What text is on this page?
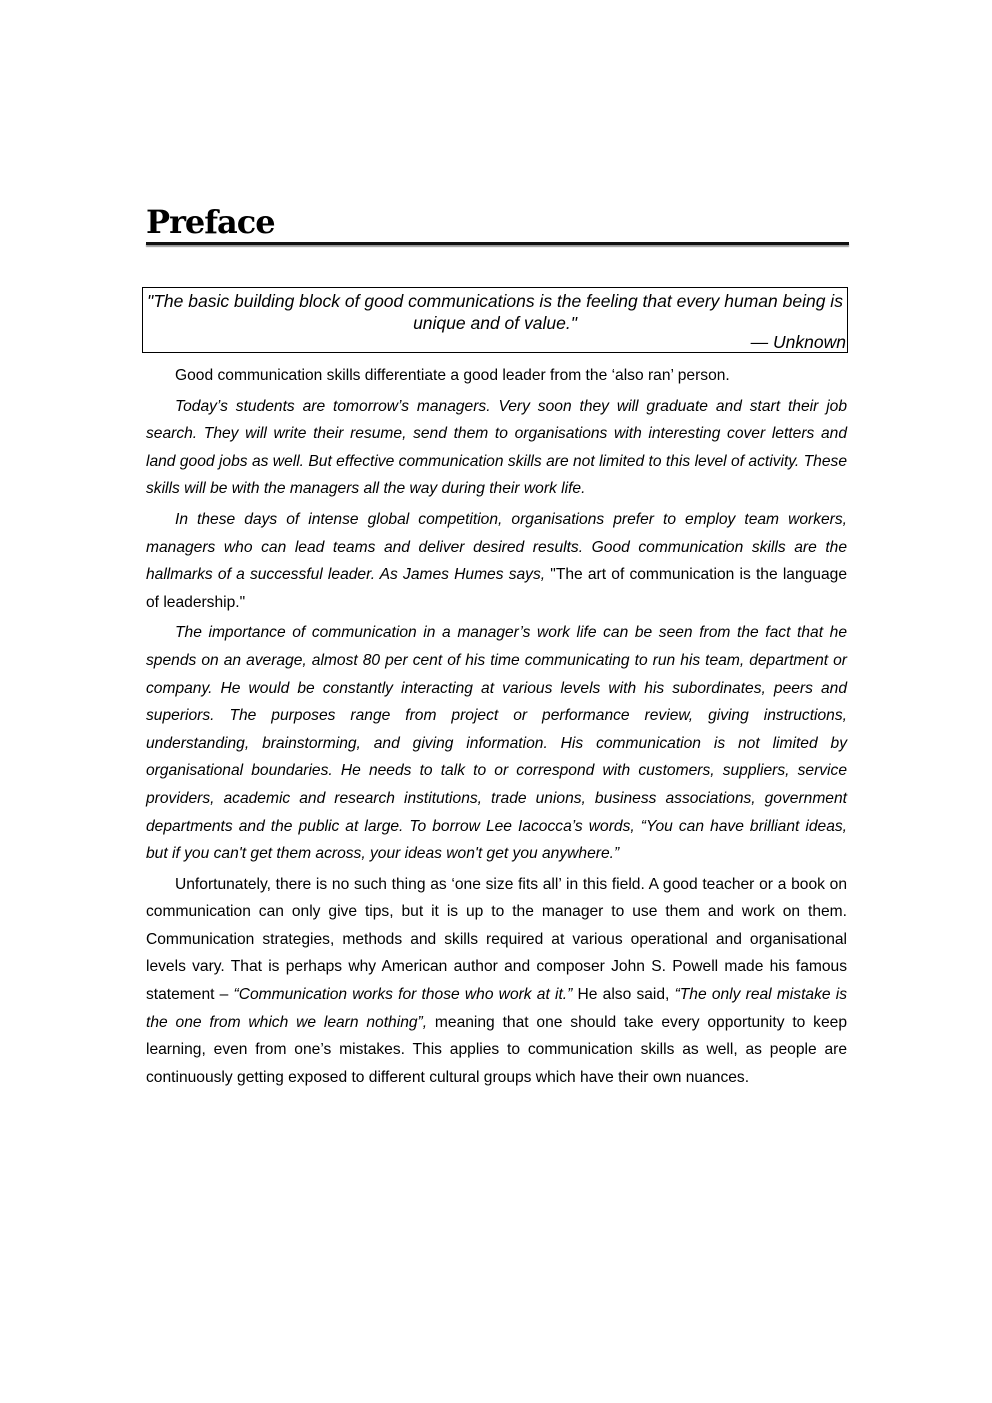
Preface
"The basic building block of good communications is the feeling that every human being is unique and of value."
— Unknown

Good communication skills differentiate a good leader from the ‘also ran’ person.

Today’s students are tomorrow’s managers. Very soon they will graduate and start their job search. They will write their resume, send them to organisations with interesting cover letters and land good jobs as well. But effective communication skills are not limited to this level of activity. These skills will be with the managers all the way during their work life.

In these days of intense global competition, organisations prefer to employ team workers, managers who can lead teams and deliver desired results. Good communication skills are the hallmarks of a successful leader. As James Humes says, "The art of communication is the language of leadership."

The importance of communication in a manager’s work life can be seen from the fact that he spends on an average, almost 80 per cent of his time communicating to run his team, department or company. He would be constantly interacting at various levels with his subordinates, peers and superiors. The purposes range from project or performance review, giving instructions, understanding, brainstorming, and giving information. His communication is not limited by organisational boundaries. He needs to talk to or correspond with customers, suppliers, service providers, academic and research institutions, trade unions, business associations, government departments and the public at large. To borrow Lee Iacocca’s words, “You can have brilliant ideas, but if you can't get them across, your ideas won't get you anywhere.”

Unfortunately, there is no such thing as ‘one size fits all’ in this field. A good teacher or a book on communication can only give tips, but it is up to the manager to use them and work on them. Communication strategies, methods and skills required at various operational and organisational levels vary. That is perhaps why American author and composer John S. Powell made his famous statement – “Communication works for those who work at it.” He also said, “The only real mistake is the one from which we learn nothing”, meaning that one should take every opportunity to keep learning, even from one’s mistakes. This applies to communication skills as well, as people are continuously getting exposed to different cultural groups which have their own nuances.
